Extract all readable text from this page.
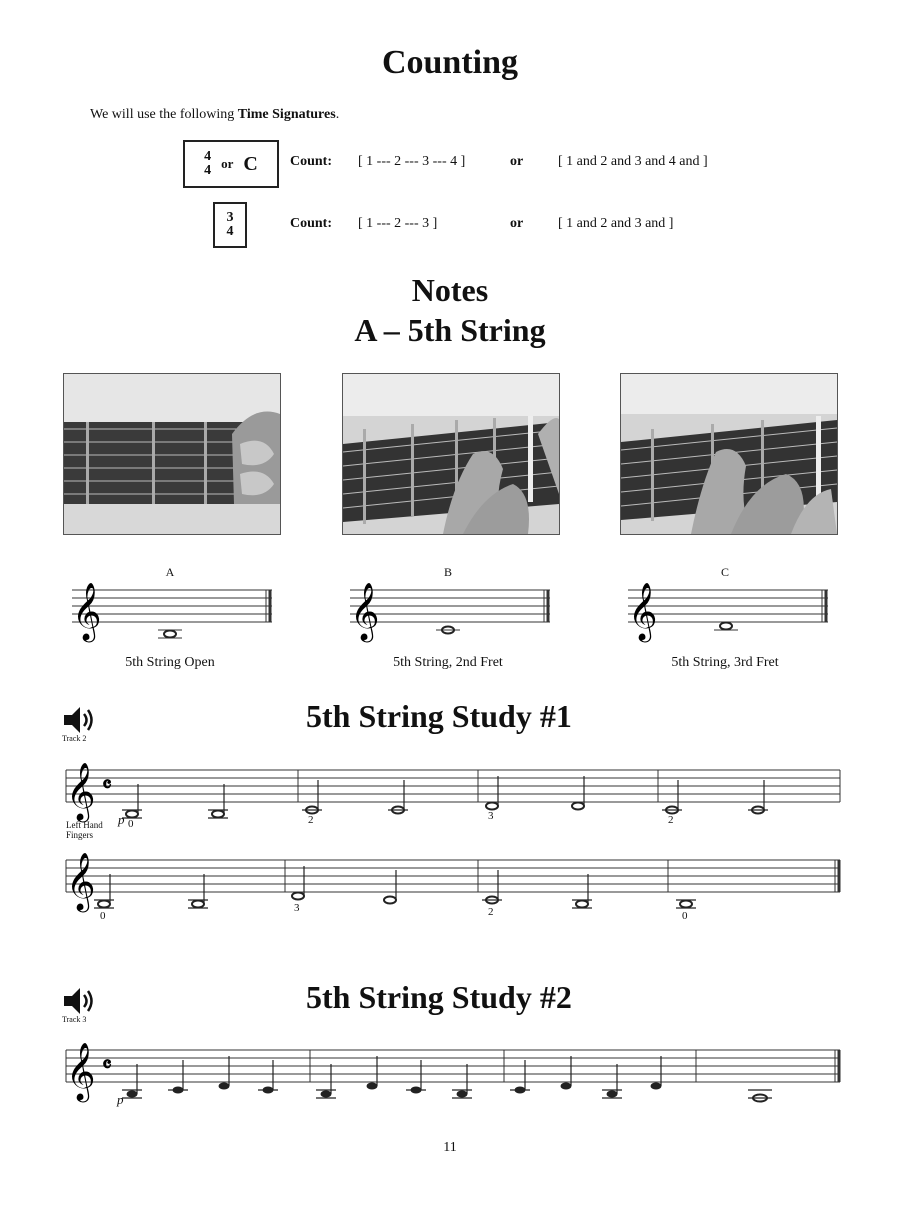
Counting
We will use the following Time Signatures.
4
4 or C
3
4
Count: [ 1 --- 2 --- 3 --- 4 ]	or [ 1 and 2 and 3 and 4 and ]
Count: [ 1 --- 2 --- 3 ]	or [ 1 and 2 and 3 and ]
Notes
A – 5th String
A	B	C
𝄞	𝄞	𝄞
5th String Open	5th String, 2nd Fret	5th String, 3rd Fret
Track 2
5th String Study #1
𝄞 𝄴
p
Left Hand
Fingers
0	2	3	2
𝄞
0
3	2	0
Track 3
5th String Study #2
𝄞 𝄴
p
11
